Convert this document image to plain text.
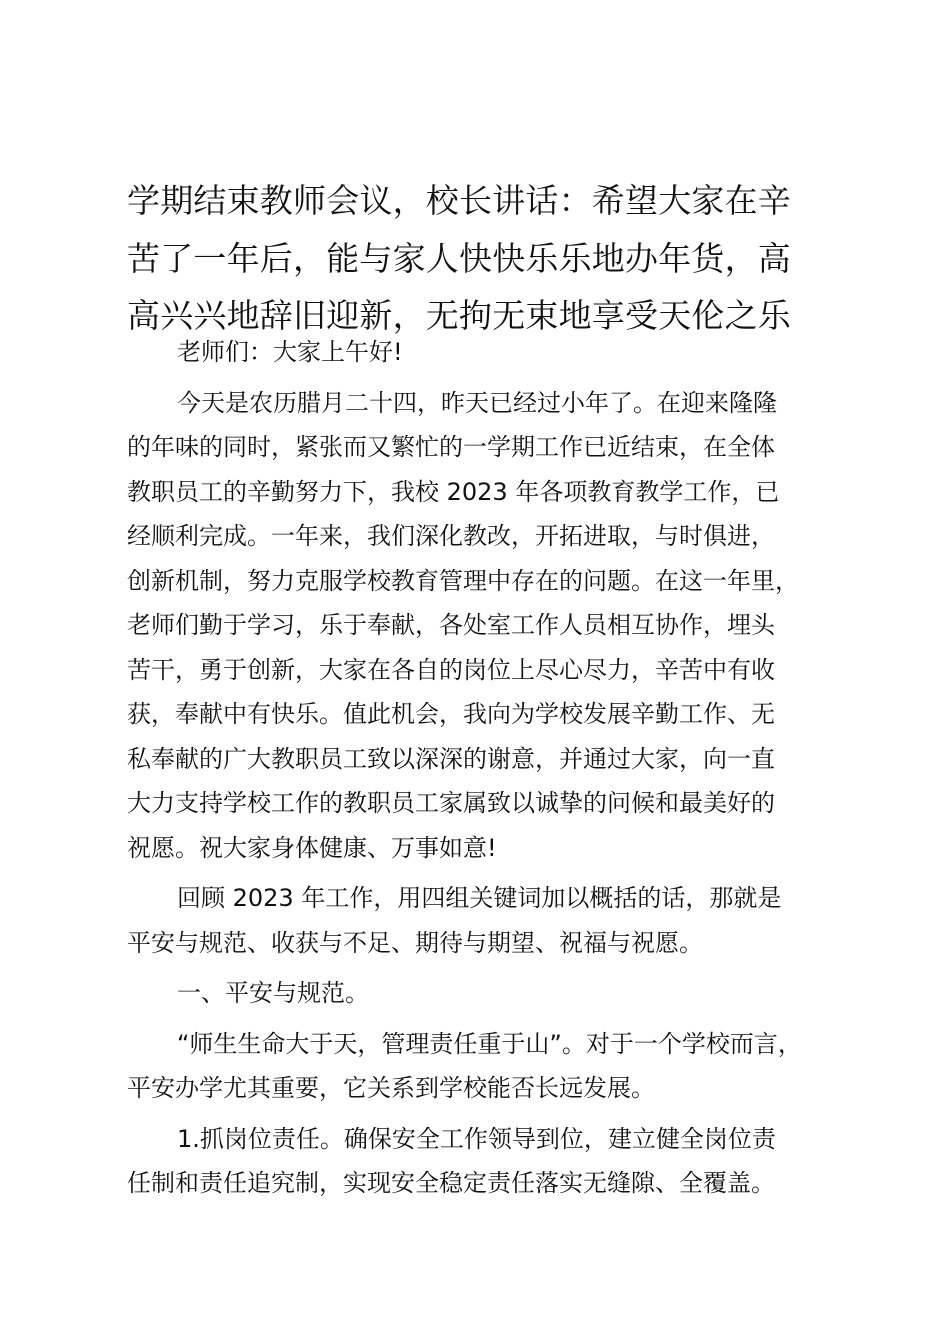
学期结束教师会议，校长讲话：希望大家在辛
苦了一年后，能与家人快快乐乐地办年货，高
高兴兴地辞旧迎新，无拘无束地享受天伦之乐

老师们：大家上午好!

今天是农历腊月二十四，昨天已经过小年了。在迎来隆隆
的年味的同时，紧张而又繁忙的一学期工作已近结束，在全体
教职员工的辛勤努力下，我校 2023 年各项教育教学工作，已
经顺利完成。一年来，我们深化教改，开拓进取，与时俱进，
创新机制，努力克服学校教育管理中存在的问题。在这一年里，
老师们勤于学习，乐于奉献，各处室工作人员相互协作，埋头
苦干，勇于创新，大家在各自的岗位上尽心尽力，辛苦中有收
获，奉献中有快乐。值此机会，我向为学校发展辛勤工作、无
私奉献的广大教职员工致以深深的谢意，并通过大家，向一直
大力支持学校工作的教职员工家属致以诚挚的问候和最美好的
祝愿。祝大家身体健康、万事如意!

回顾 2023 年工作，用四组关键词加以概括的话，那就是
平安与规范、收获与不足、期待与期望、祝福与祝愿。

一、平安与规范。

“师生生命大于天，管理责任重于山”。对于一个学校而言，
平安办学尤其重要，它关系到学校能否长远发展。

1.抓岗位责任。确保安全工作领导到位，建立健全岗位责
任制和责任追究制，实现安全稳定责任落实无缝隙、全覆盖。
